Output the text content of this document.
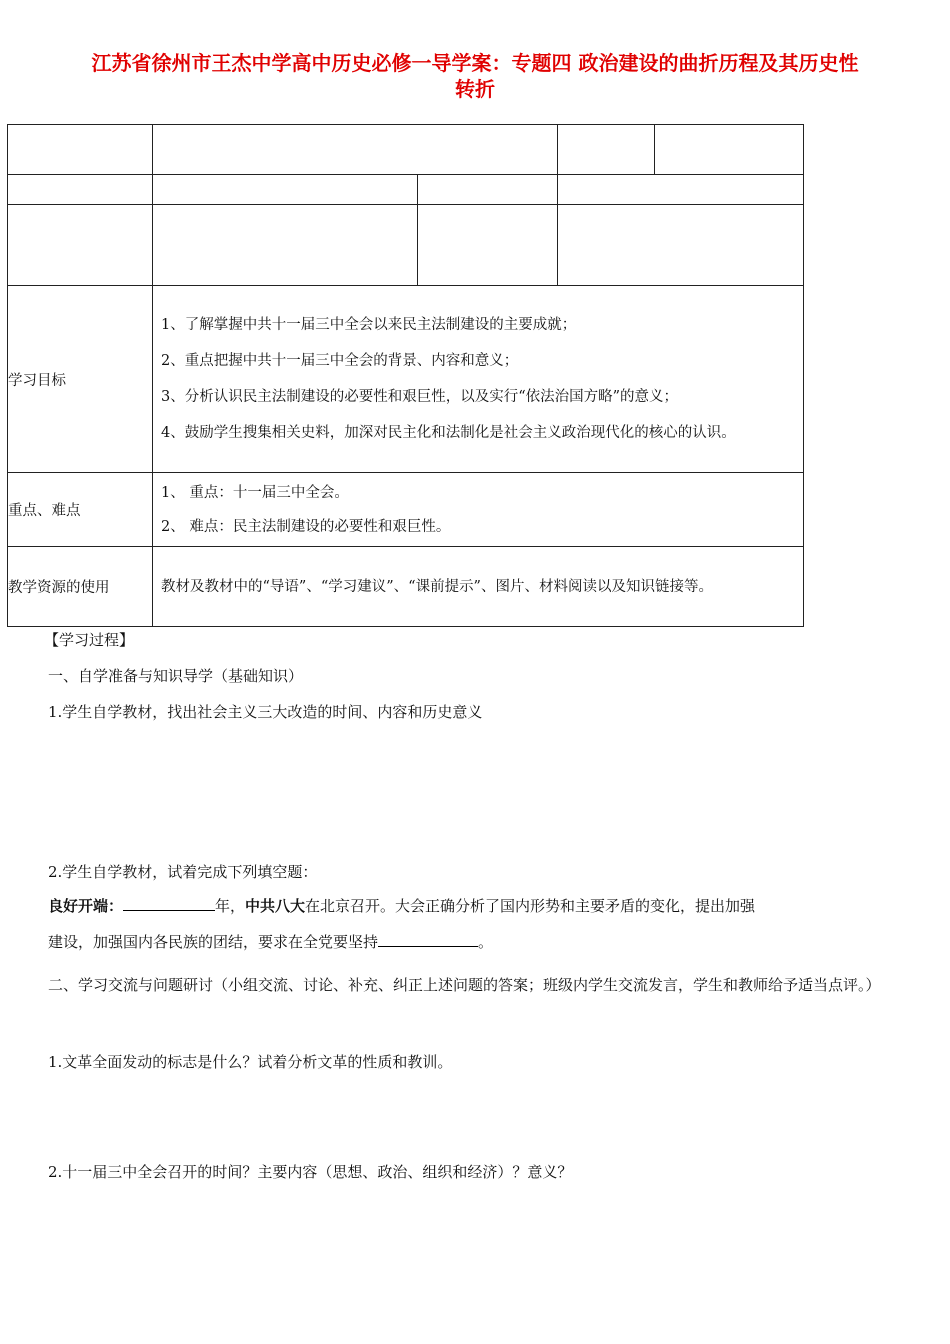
江苏省徐州市王杰中学高中历史必修一导学案：专题四 政治建设的曲折历程及其历史性
转折

学习目标	1、了解掌握中共十一届三中全会以来民主法制建设的主要成就；
2、重点把握中共十一届三中全会的背景、内容和意义；
3、分析认识民主法制建设的必要性和艰巨性，以及实行“依法治国方略”的意义；
4、鼓励学生搜集相关史料，加深对民主化和法制化是社会主义政治现代化的核心的认识。			

重点、难点	1、 重点：十一届三中全会。
2、 难点：民主法制建设的必要性和艰巨性。			

教学资源的使用	教材及教材中的“导语”、“学习建议”、“课前提示”、图片、材料阅读以及知识链接等。			
【学习过程】
一、自学准备与知识导学（基础知识）
1.学生自学教材，找出社会主义三大改造的时间、内容和历史意义
2.学生自学教材，试着完成下列填空题：
良好开端：	年，中共八大在北京召开。大会正确分析了国内形势和主要矛盾的变化，提出加强
建设，加强国内各民族的团结，要求在全党要坚持	。
二、学习交流与问题研讨（小组交流、讨论、补充、纠正上述问题的答案；班级内学生交流发言，学生和教师给予适当点评。）
1.文革全面发动的标志是什么？试着分析文革的性质和教训。
2.十一届三中全会召开的时间？主要内容（思想、政治、组织和经济）？意义？
